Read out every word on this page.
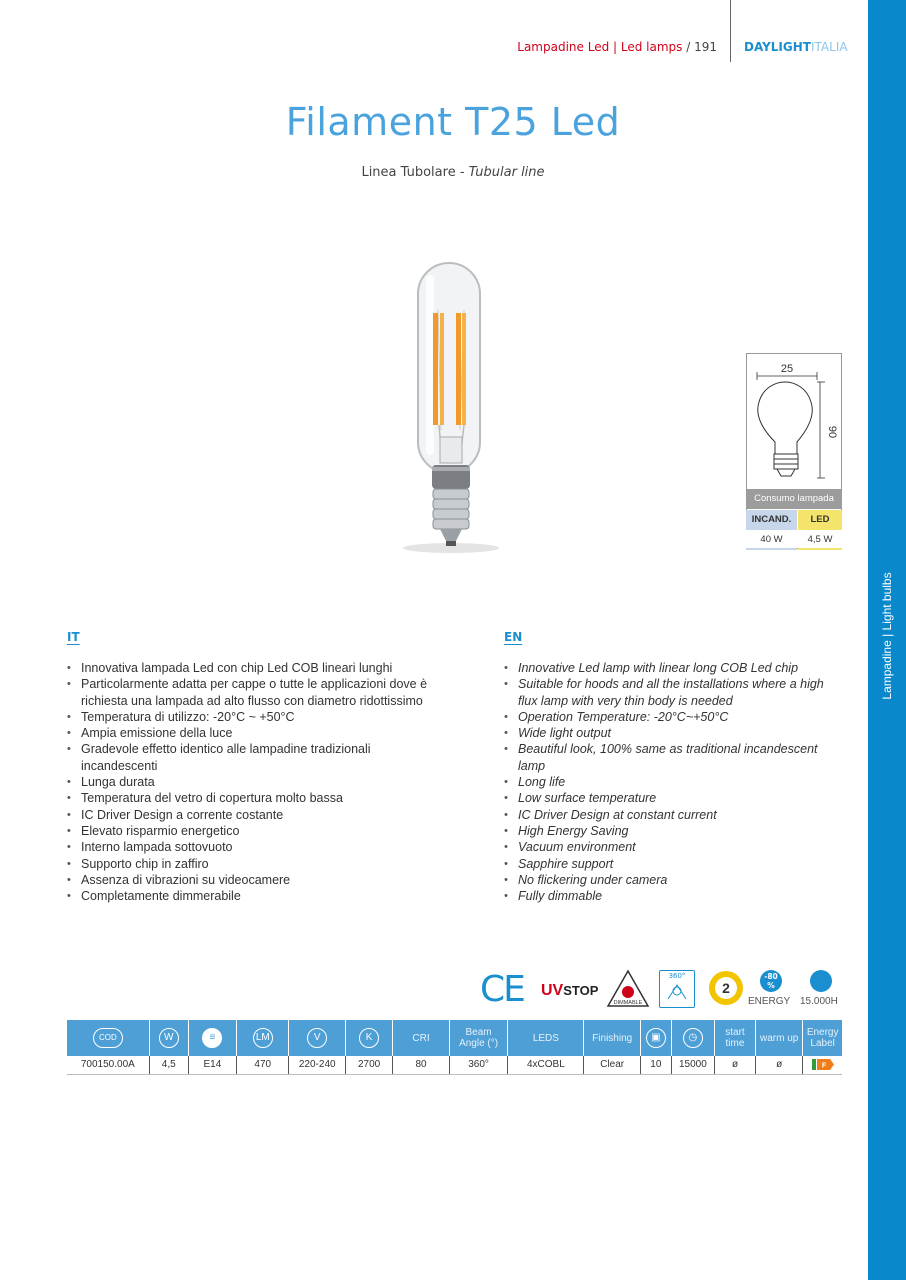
Lampadine Led | Led lamps / 191 DAYLIGHTITALIA
Lampadine | Light bulbs
Filament T25 Led
Linea Tubolare - Tubular line
25
90
Consumo lampada
INCAND.	LED
40 W	4,5 W
IT
• Innovativa lampada Led con chip Led COB lineari lunghi
• Particolarmente adatta per cappe o tutte le applicazioni dove è richiesta una lampada ad alto flusso con diametro ridottissimo
• Temperatura di utilizzo: -20°C ~ +50°C
• Ampia emissione della luce
• Gradevole effetto identico alle lampadine tradizionali incandescenti
• Lunga durata
• Temperatura del vetro di copertura molto bassa
• IC Driver Design a corrente costante
• Elevato risparmio energetico
• Interno lampada sottovuoto
• Supporto chip in zaffiro
• Assenza di vibrazioni su videocamere
• Completamente dimmerabile
EN
• Innovative Led lamp with linear long COB Led chip
• Suitable for hoods and all the installations where a high flux lamp with very thin body is needed
• Operation Temperature: -20°C~+50°C
• Wide light output
• Beautiful look, 100% same as traditional incandescent lamp
• Long life
• Low surface temperature
• IC Driver Design at constant current
• High Energy Saving
• Vacuum environment
• Sapphire support
• No flickering under camera
• Fully dimmable
CE UVSTOP
DIMMABLE
360°
2
-80 %
ENERGY 15.000H
COD	W	≡	LM	V	K	CRI	Beam Angle (°)	LEDS	Finishing	▣	◷	start time	warm up	Energy Label
700150.00A	4,5	E14	470	220-240	2700	80	360°	4xCOBL	Clear	10	15000	ø	ø	F
